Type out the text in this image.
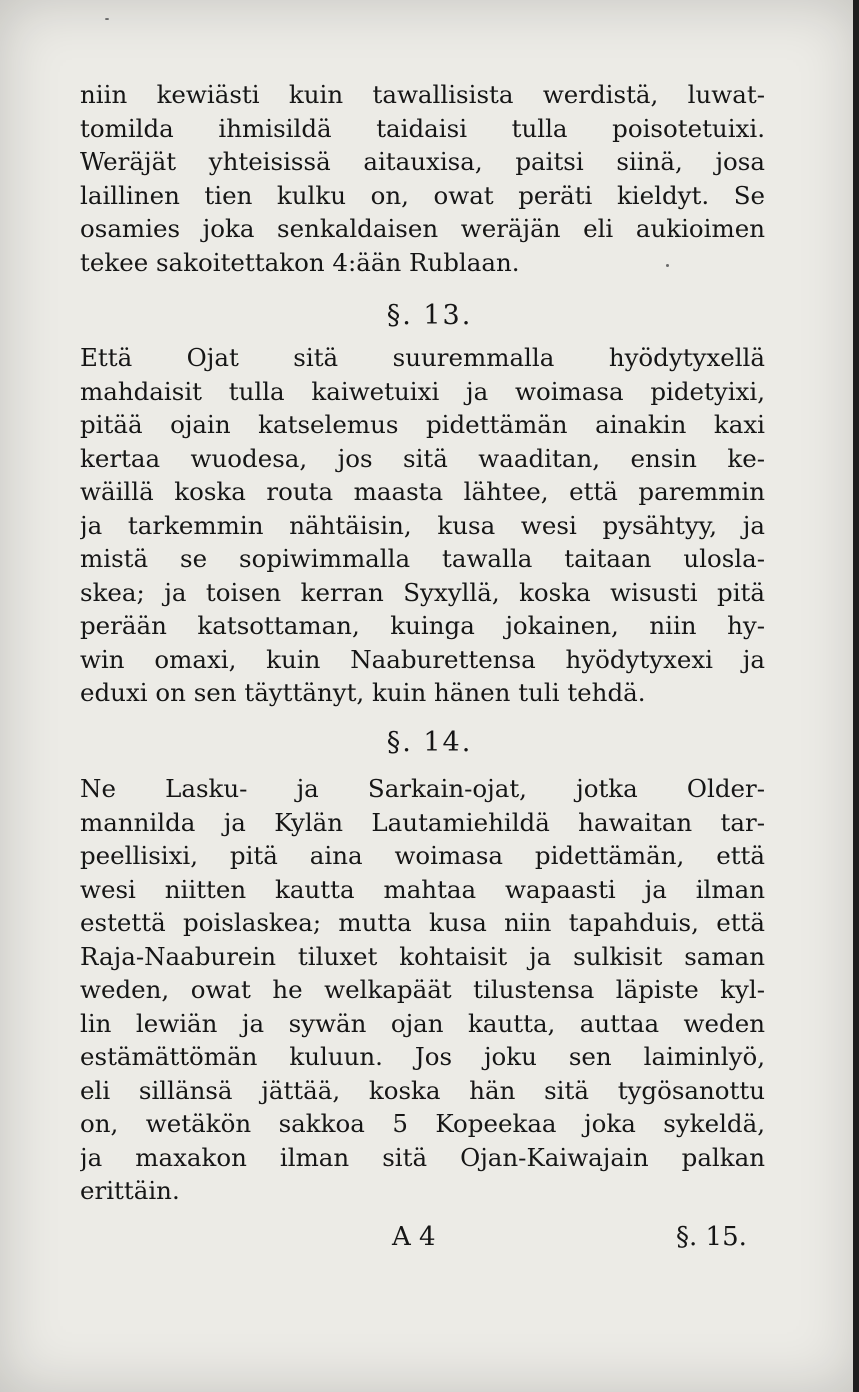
niin kewiästi kuin tawallisista werdistä, luwat-
tomilda ihmisildä taidaisi tulla poisotetuixi.
Weräjät yhteisissä aitauxisa, paitsi siinä, josa
laillinen tien kulku on, owat peräti kieldyt. Se
osamies joka senkaldaisen weräjän eli aukioimen
tekee sakoitettakon 4:ään Rublaan.
§. 13.
Että Ojat sitä suuremmalla hyödytyxellä
mahdaisit tulla kaiwetuixi ja woimasa pidetyixi,
pitää ojain katselemus pidettämän ainakin kaxi
kertaa wuodesa, jos sitä waaditan, ensin ke-
wäillä koska routa maasta lähtee, että paremmin
ja tarkemmin nähtäisin, kusa wesi pysähtyy, ja
mistä se sopiwimmalla tawalla taitaan ulosla-
skea; ja toisen kerran Syxyllä, koska wisusti pitä
perään katsottaman, kuinga jokainen, niin hy-
win omaxi, kuin Naaburettensa hyödytyxexi ja
eduxi on sen täyttänyt, kuin hänen tuli tehdä.
§. 14.
Ne Lasku- ja Sarkain-ojat, jotka Older-
mannilda ja Kylän Lautamiehildä hawaitan tar-
peellisixi, pitä aina woimasa pidettämän, että
wesi niitten kautta mahtaa wapaasti ja ilman
estettä poislaskea; mutta kusa niin tapahduis, että
Raja-Naaburein tiluxet kohtaisit ja sulkisit saman
weden, owat he welkapäät tilustensa läpiste kyl-
lin lewiän ja sywän ojan kautta, auttaa weden
estämättömän kuluun. Jos joku sen laiminlyö,
eli sillänsä jättää, koska hän sitä tygösanottu
on, wetäkön sakkoa 5 Kopeekaa joka sykeldä,
ja maxakon ilman sitä Ojan-Kaiwajain palkan
erittäin.
A 4	§. 15.
